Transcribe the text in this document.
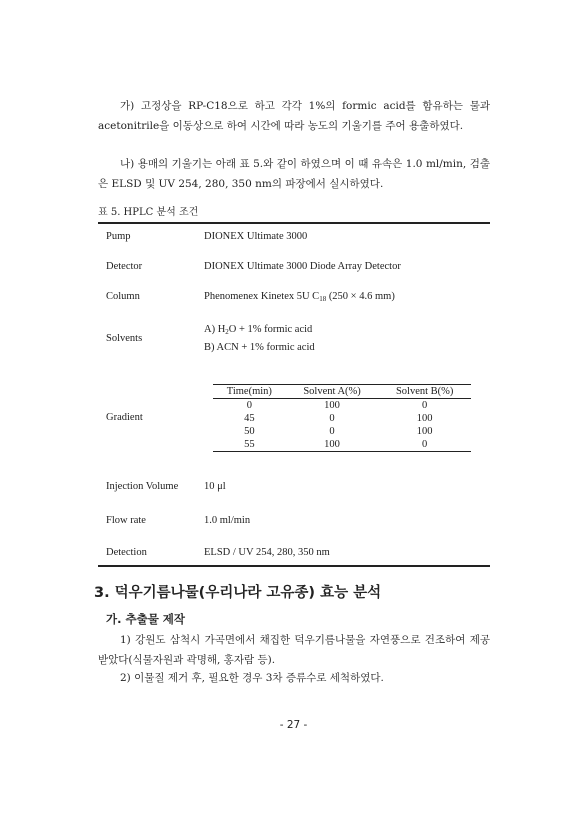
가) 고정상을 RP-C18으로 하고 각각 1%의 formic acid를 함유하는 물과 acetonitrile을 이동상으로 하여 시간에 따라 농도의 기울기를 주어 용출하였다.
나) 용매의 기울기는 아래 표 5.와 같이 하였으며 이 때 유속은 1.0 ml/min, 검출은 ELSD 및 UV 254, 280, 350 nm의 파장에서 실시하였다.
표 5. HPLC 분석 조건
Pump	DIONEX Ultimate 3000
Detector	DIONEX Ultimate 3000 Diode Array Detector
Column	Phenomenex Kinetex 5U $C_{18}$ (250 × 4.6 mm)
Solvents
A) $H_2O + 1\%$ formic acid
B) ACN + 1% formic acid
Gradient
Time(min)	Solvent A(%)	Solvent B(%)
0	100	0
45	0	100
50	0	100
55	100	0
Injection Volume 10 μl
Flow rate	1.0 ml/min
Detection	ELSD / UV 254, 280, 350 nm
3. 덕우기름나물(우리나라 고유종) 효능 분석
가. 추출물 제작
1) 강원도 삼척시 가곡면에서 채집한 덕우기름나물을 자연풍으로 건조하여 제공받았다(식물자원과 곽명해, 홍자람 등).
2) 이물질 제거 후, 필요한 경우 3차 증류수로 세척하였다.
- 27 -
